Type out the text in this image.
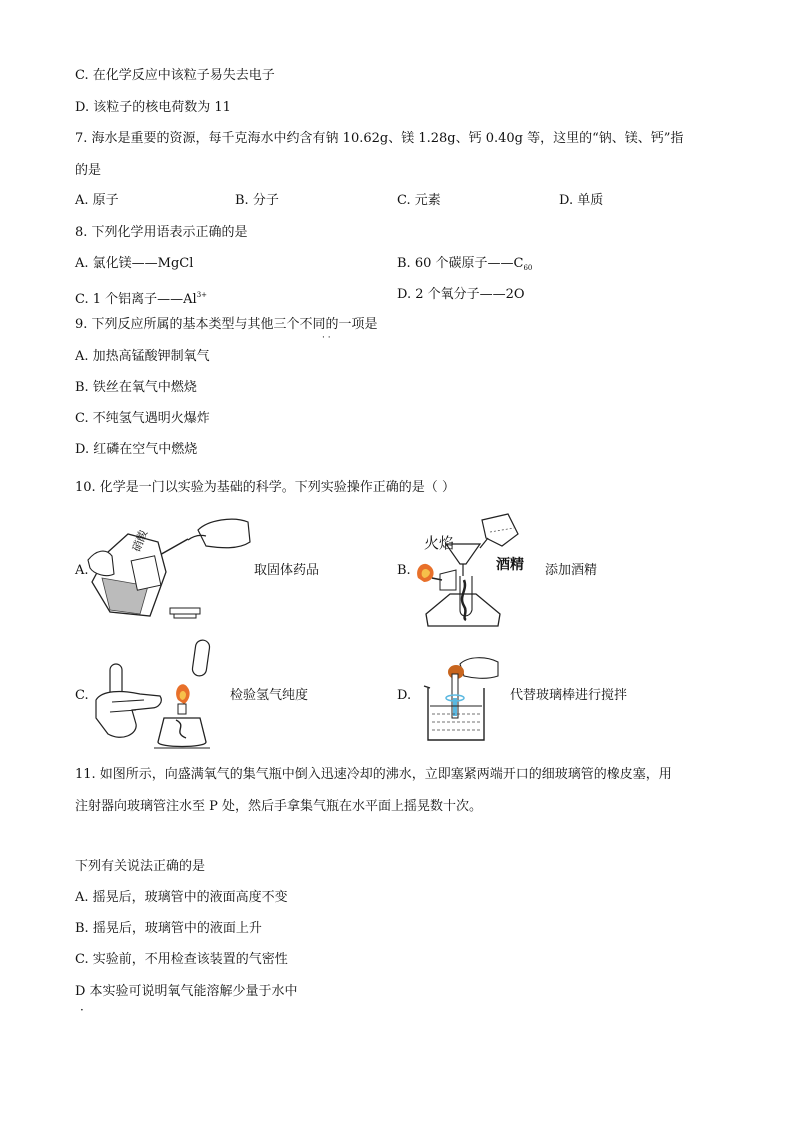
C. 在化学反应中该粒子易失去电子
D. 该粒子的核电荷数为 11
7. 海水是重要的资源，每千克海水中约含有钠 10.62g、镁 1.28g、钙 0.40g 等，这里的“钠、镁、钙”指
的是
A. 原子	B. 分子	C. 元素	D. 单质
8. 下列化学用语表示正确的是
A. 氯化镁——MgCl	B. 60 个碳原子$——C_{60}$
C. 1 个铝离子$——Al^{3+}$	D. 2 个氧分子——2O
9. 下列反应所属的基本类型与其他三个不同的一项是
· ·
A. 加热高锰酸钾制氧气
B. 铁丝在氧气中燃烧
C. 不纯氢气遇明火爆炸
D. 红磷在空气中燃烧
10. 化学是一门以实验为基础的科学。下列实验操作正确的是（ ）
A.
硝酸
取固体药品	B.
火焰
酒精 添加酒精
C.	检验氢气纯度	D.	代替玻璃棒进行搅拌
11. 如图所示，向盛满氧气的集气瓶中倒入迅速冷却的沸水，立即塞紧两端开口的细玻璃管的橡皮塞，用
注射器向玻璃管注水至 P 处，然后手拿集气瓶在水平面上摇晃数十次。
下列有关说法正确的是
A. 摇晃后，玻璃管中的液面高度不变
B. 摇晃后，玻璃管中的液面上升
C. 实验前，不用检查该装置的气密性
D 本实验可说明氧气能溶解少量于水中
·
